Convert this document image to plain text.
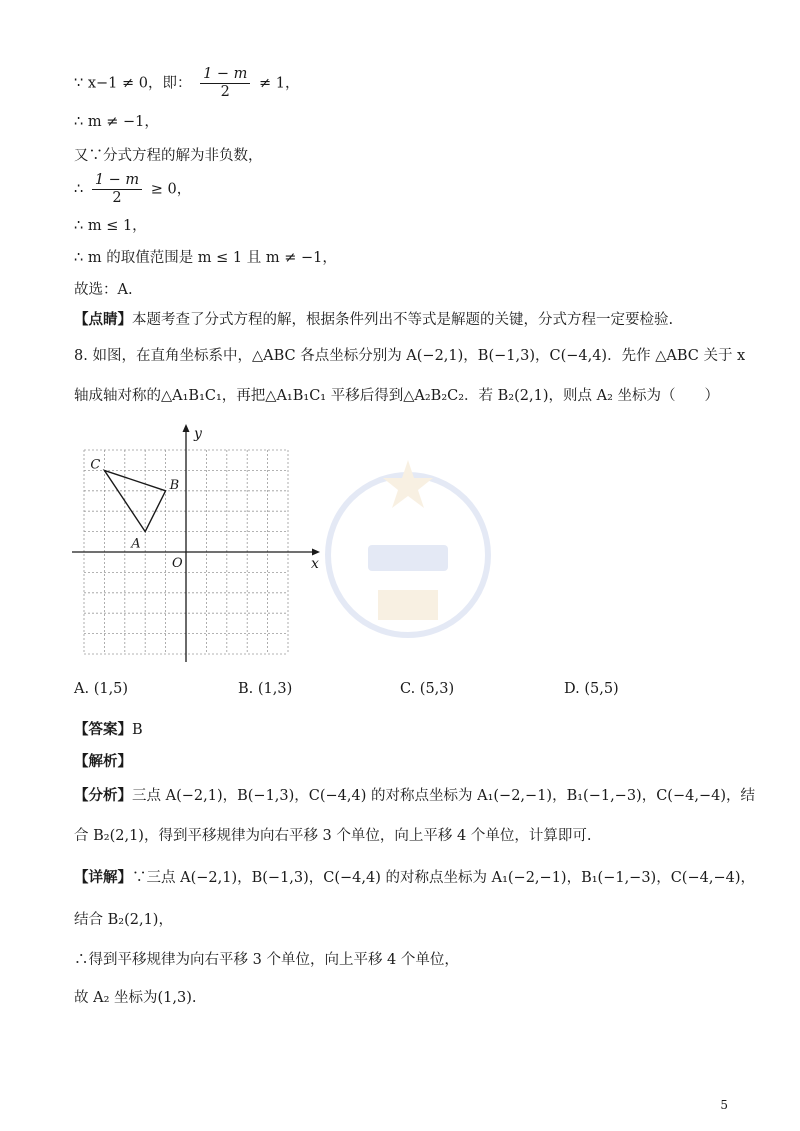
∵ x−1 ≠ 0，即： $\frac{1 - m}{2} \ne 1$，
∴ m ≠ −1，
又∵分式方程的解为非负数，
∴ $\frac{1 - m}{2} \ge 0$，
∴ m ≤ 1，
∴ m 的取值范围是 m ≤ 1 且 m ≠ −1，
故选：A.
【点睛】本题考查了分式方程的解，根据条件列出不等式是解题的关键，分式方程一定要检验.
8. 如图，在直角坐标系中，△ABC 各点坐标分别为 A(−2,1)，B(−1,3)，C(−4,4)．先作 △ABC 关于 x
轴成轴对称的△A₁B₁C₁，再把△A₁B₁C₁ 平移后得到△A₂B₂C₂．若 B₂(2,1)，则点 A₂ 坐标为（　　）
x
y
O
A
B
C
A. (1,5)	B. (1,3)	C. (5,3)	D. (5,5)
【答案】B
【解析】
【分析】三点 A(−2,1)，B(−1,3)，C(−4,4) 的对称点坐标为 A₁(−2,−1)，B₁(−1,−3)，C(−4,−4)，结
合 B₂(2,1)，得到平移规律为向右平移 3 个单位，向上平移 4 个单位，计算即可.
【详解】∵三点 A(−2,1)，B(−1,3)，C(−4,4) 的对称点坐标为 A₁(−2,−1)，B₁(−1,−3)，C(−4,−4)，
结合 B₂(2,1)，
∴得到平移规律为向右平移 3 个单位，向上平移 4 个单位，
故 A₂ 坐标为(1,3).
5
